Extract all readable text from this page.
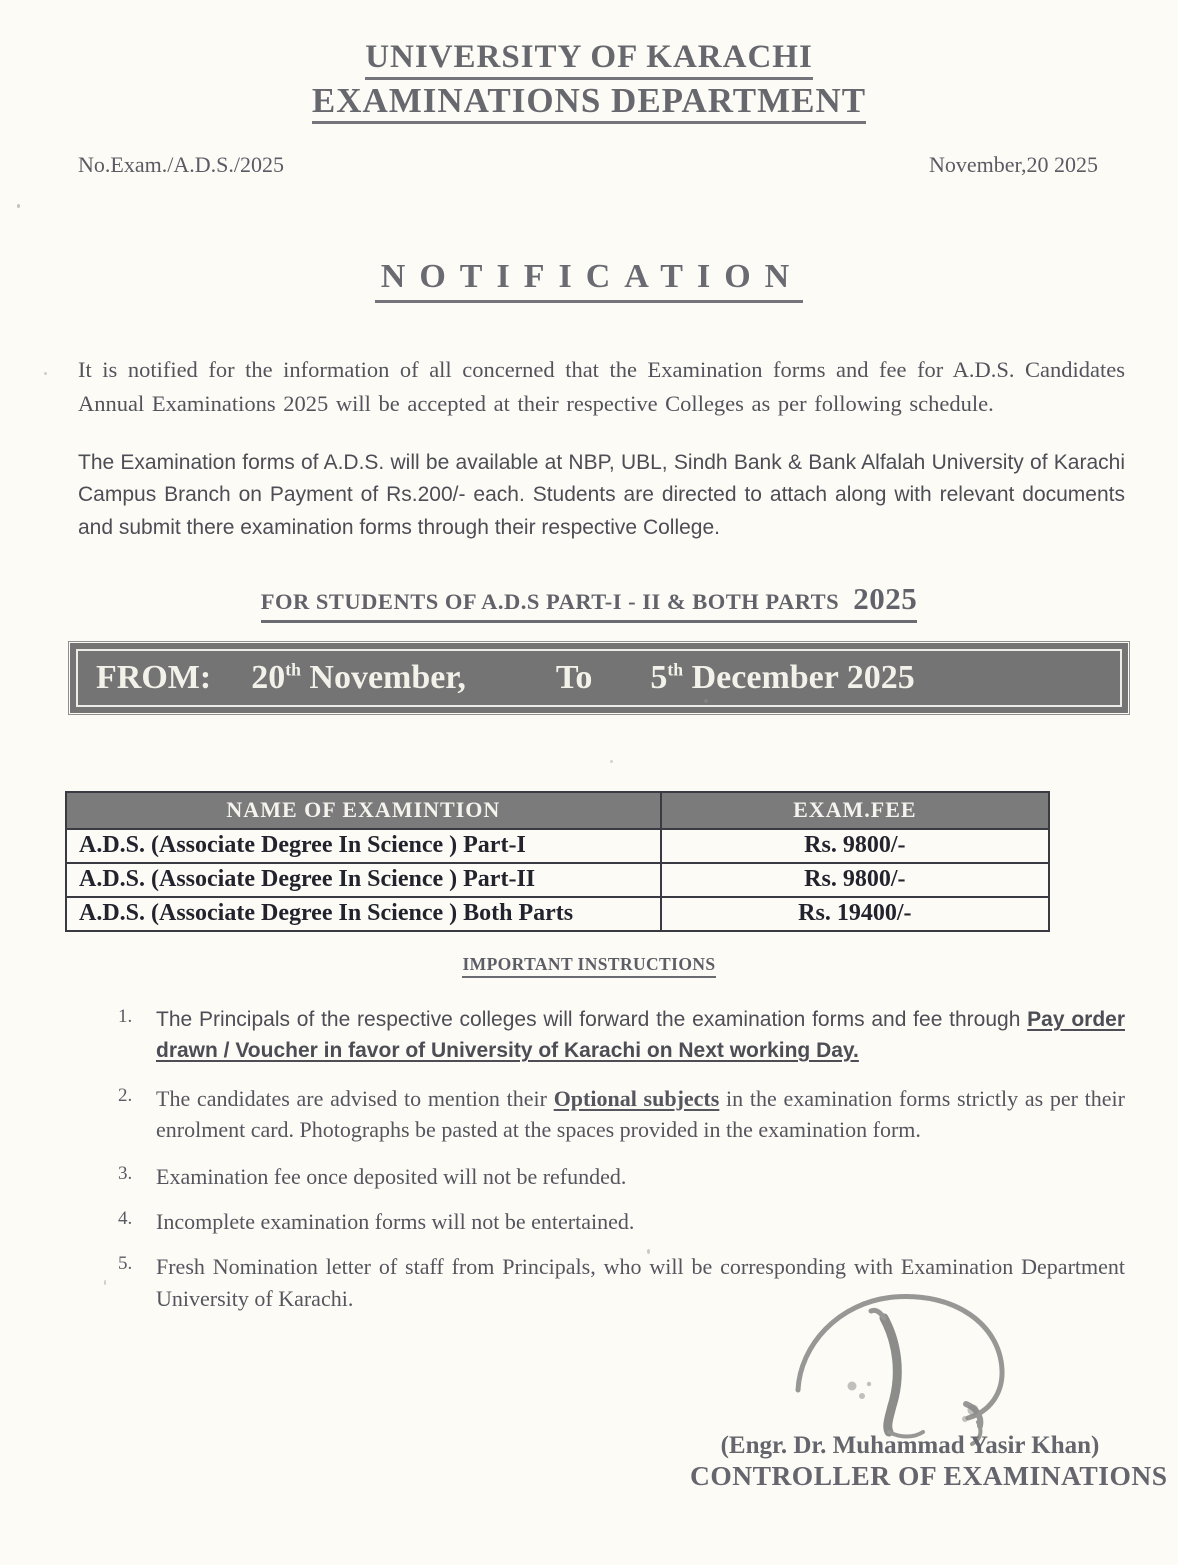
UNIVERSITY OF KARACHI
EXAMINATIONS DEPARTMENT
No.Exam./A.D.S./2025	November,20 2025
NOTIFICATION

It is notified for the information of all concerned that the Examination forms and fee for A.D.S. Candidates Annual Examinations 2025 will be accepted at their respective Colleges as per following schedule.

The Examination forms of A.D.S. will be available at NBP, UBL, Sindh Bank & Bank Alfalah University of Karachi Campus Branch on Payment of Rs.200/- each. Students are directed to attach along with relevant documents and submit there examination forms through their respective College.

FOR STUDENTS OF A.D.S PART-I - II & BOTH PARTS 2025
FROM: 20th November,	To 5th December 2025
NAME OF EXAMINTION	EXAM.FEE
A.D.S. (Associate Degree In Science ) Part-I	Rs. 9800/-
A.D.S. (Associate Degree In Science ) Part-II	Rs. 9800/-
A.D.S. (Associate Degree In Science ) Both Parts	Rs. 19400/-
IMPORTANT INSTRUCTIONS
1.	The Principals of the respective colleges will forward the examination forms and fee through Pay order drawn / Voucher in favor of University of Karachi on Next working Day.
2.	The candidates are advised to mention their Optional subjects in the examination forms strictly as per their enrolment card. Photographs be pasted at the spaces provided in the examination form.
3.	Examination fee once deposited will not be refunded.
4.	Incomplete examination forms will not be entertained.
5.	Fresh Nomination letter of staff from Principals, who will be corresponding with Examination Department University of Karachi.
(Engr. Dr. Muhammad Yasir Khan)
CONTROLLER OF EXAMINATIONS
